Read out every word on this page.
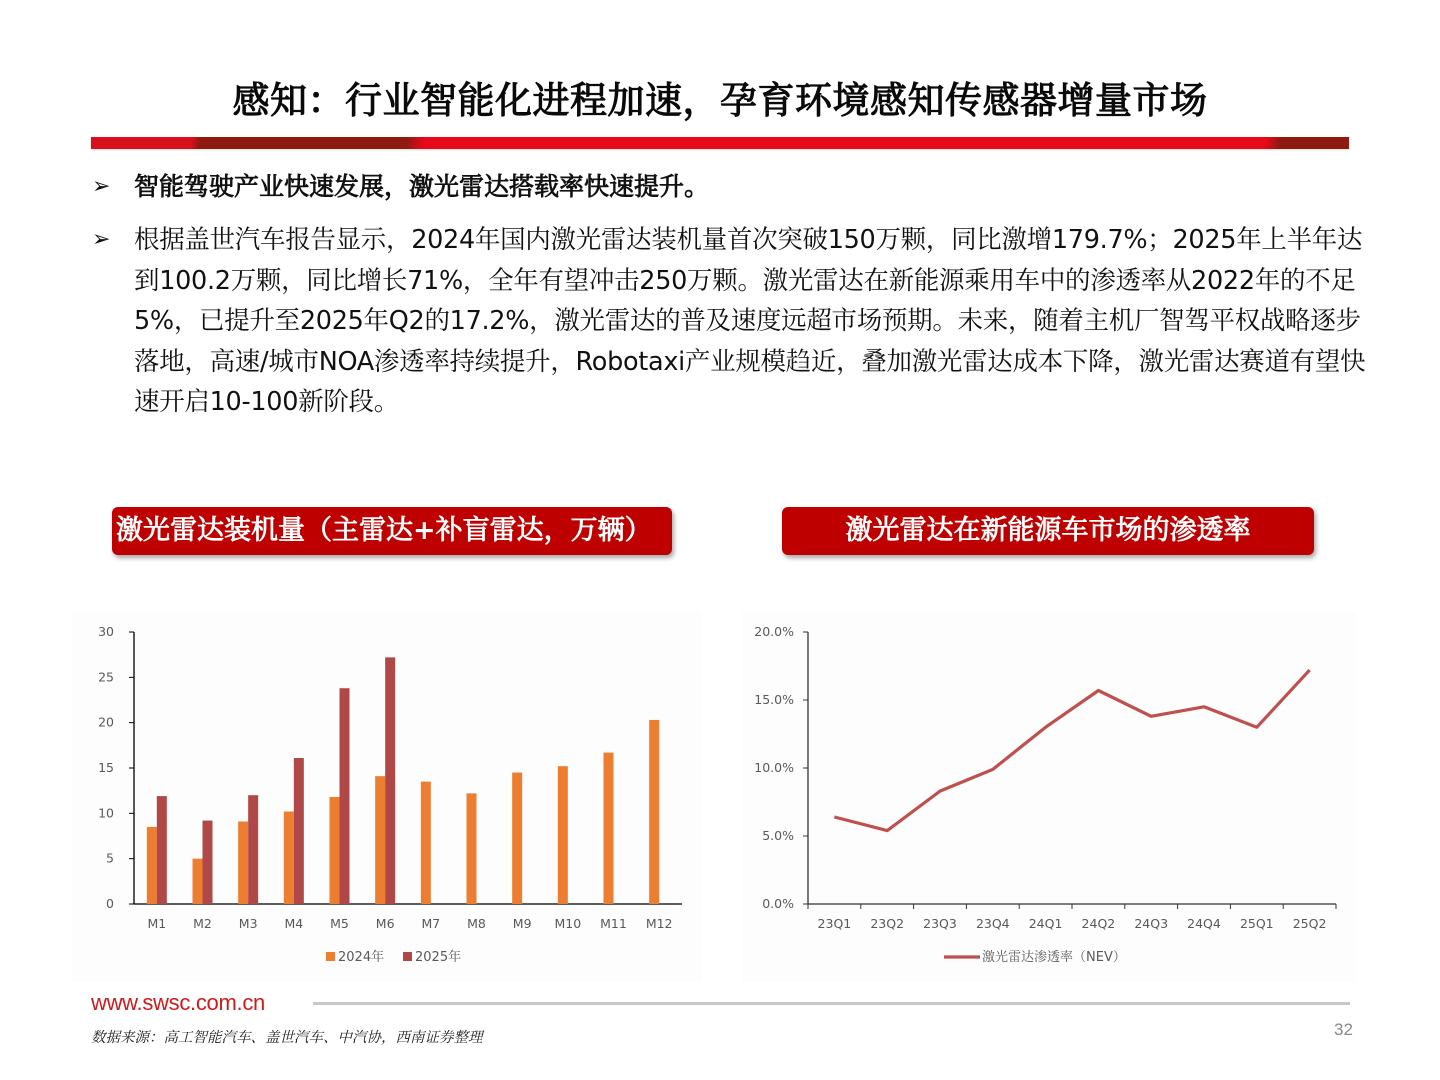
感知：行业智能化进程加速，孕育环境感知传感器增量市场
➢ 智能驾驶产业快速发展，激光雷达搭载率快速提升。
➢ 根据盖世汽车报告显示，2024年国内激光雷达装机量首次突破150万颗，同比激增179.7%；2025年上半年达到100.2万颗，同比增长71%，全年有望冲击250万颗。激光雷达在新能源乘用车中的渗透率从2022年的不足5%，已提升至2025年Q2的17.2%，激光雷达的普及速度远超市场预期。未来，随着主机厂智驾平权战略逐步落地，高速/城市NOA渗透率持续提升，Robotaxi产业规模趋近，叠加激光雷达成本下降，激光雷达赛道有望快速开启10-100新阶段。
激光雷达装机量（主雷达+补盲雷达，万辆）	激光雷达在新能源车市场的渗透率
0
5
10
15
20
25
30
M1 M2 M3 M4 M5 M6 M7 M8 M9 M10 M11 M12
2024年 2025年
0.0%
5.0%
10.0%
15.0%
20.0%
23Q1 23Q2 23Q3 23Q4 24Q1 24Q2 24Q3 24Q4 25Q1 25Q2
激光雷达渗透率（NEV）
www.swsc.com.cn
数据来源：高工智能汽车、盖世汽车、中汽协，西南证券整理	32
